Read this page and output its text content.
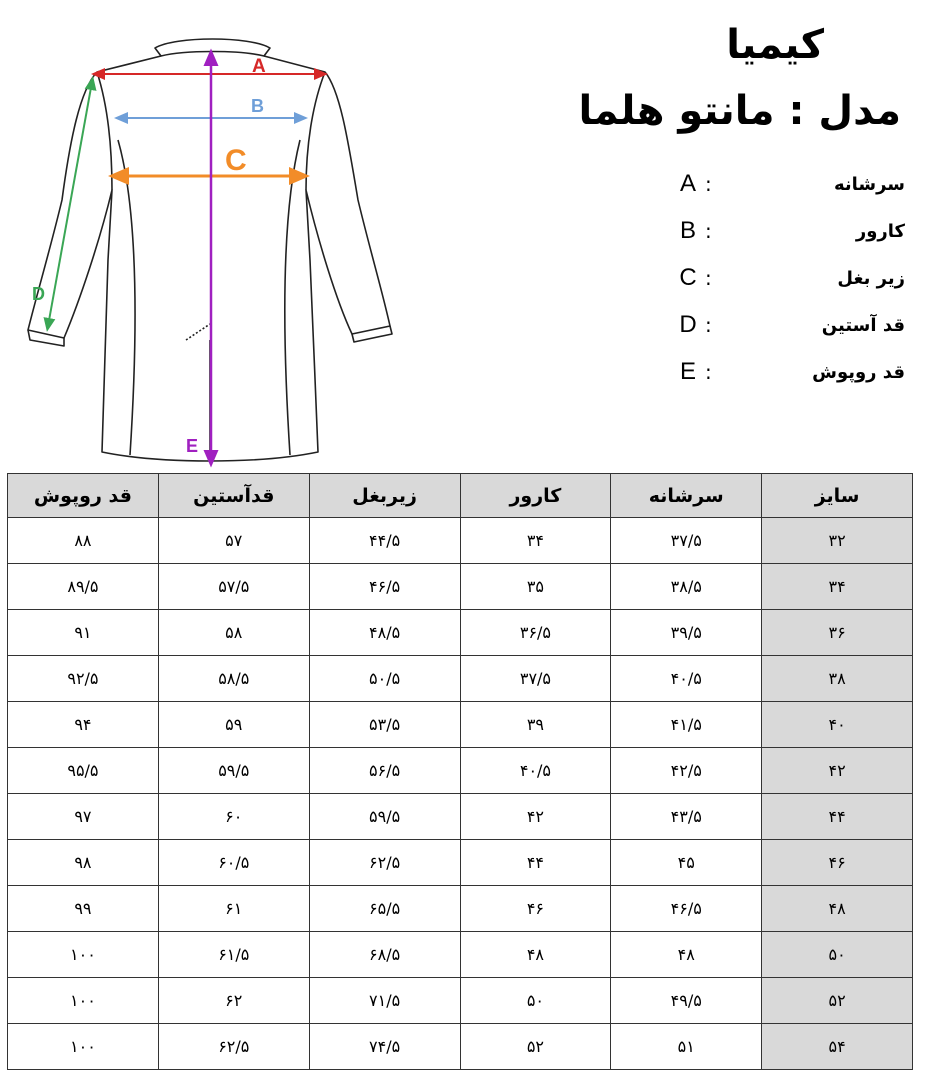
A
B
C
D
E
کیمیا
مدل : مانتو هلما
A :	سرشانه
B :	کارور
C :	زیر بغل
D :	قد آستین
E :	قد روپوش
سایز	سرشانه	کارور	زیربغل	قدآستین	قد روپوش
۳۲	۳۷/۵	۳۴	۴۴/۵	۵۷	۸۸
۳۴	۳۸/۵	۳۵	۴۶/۵	۵۷/۵	۸۹/۵
۳۶	۳۹/۵	۳۶/۵	۴۸/۵	۵۸	۹۱
۳۸	۴۰/۵	۳۷/۵	۵۰/۵	۵۸/۵	۹۲/۵
۴۰	۴۱/۵	۳۹	۵۳/۵	۵۹	۹۴
۴۲	۴۲/۵	۴۰/۵	۵۶/۵	۵۹/۵	۹۵/۵
۴۴	۴۳/۵	۴۲	۵۹/۵	۶۰	۹۷
۴۶	۴۵	۴۴	۶۲/۵	۶۰/۵	۹۸
۴۸	۴۶/۵	۴۶	۶۵/۵	۶۱	۹۹
۵۰	۴۸	۴۸	۶۸/۵	۶۱/۵	۱۰۰
۵۲	۴۹/۵	۵۰	۷۱/۵	۶۲	۱۰۰
۵۴	۵۱	۵۲	۷۴/۵	۶۲/۵	۱۰۰
